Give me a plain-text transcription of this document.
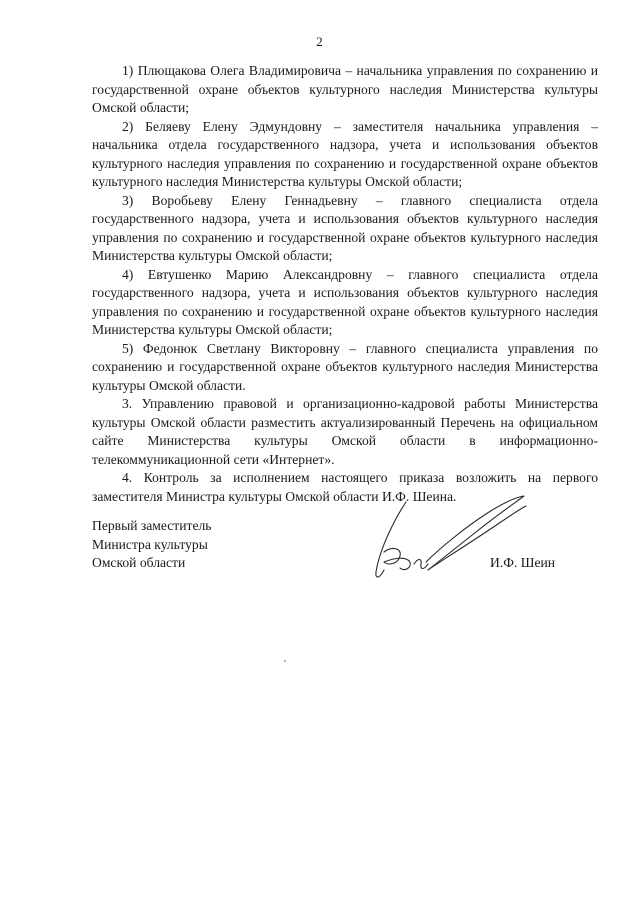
2

1) Плющакова Олега Владимировича – начальника управления по сохранению и государственной охране объектов культурного наследия Министерства культуры Омской области;

2) Беляеву Елену Эдмундовну – заместителя начальника управления – начальника отдела государственного надзора, учета и использования объектов культурного наследия управления по сохранению и государственной охране объектов культурного наследия Министерства культуры Омской области;

3) Воробьеву Елену Геннадьевну – главного специалиста отдела государственного надзора, учета и использования объектов культурного наследия управления по сохранению и государственной охране объектов культурного наследия Министерства культуры Омской области;

4) Евтушенко Марию Александровну – главного специалиста отдела государственного надзора, учета и использования объектов культурного наследия управления по сохранению и государственной охране объектов культурного наследия Министерства культуры Омской области;

5) Федонюк Светлану Викторовну – главного специалиста управления по сохранению и государственной охране объектов культурного наследия Министерства культуры Омской области.

3. Управлению правовой и организационно-кадровой работы Министерства культуры Омской области разместить актуализированный Перечень на официальном сайте Министерства культуры Омской области в информационно-телекоммуникационной сети «Интернет».

4. Контроль за исполнением настоящего приказа возложить на первого заместителя Министра культуры Омской области И.Ф. Шеина.

Первый заместитель
Министра культуры
Омской области	И.Ф. Шеин
